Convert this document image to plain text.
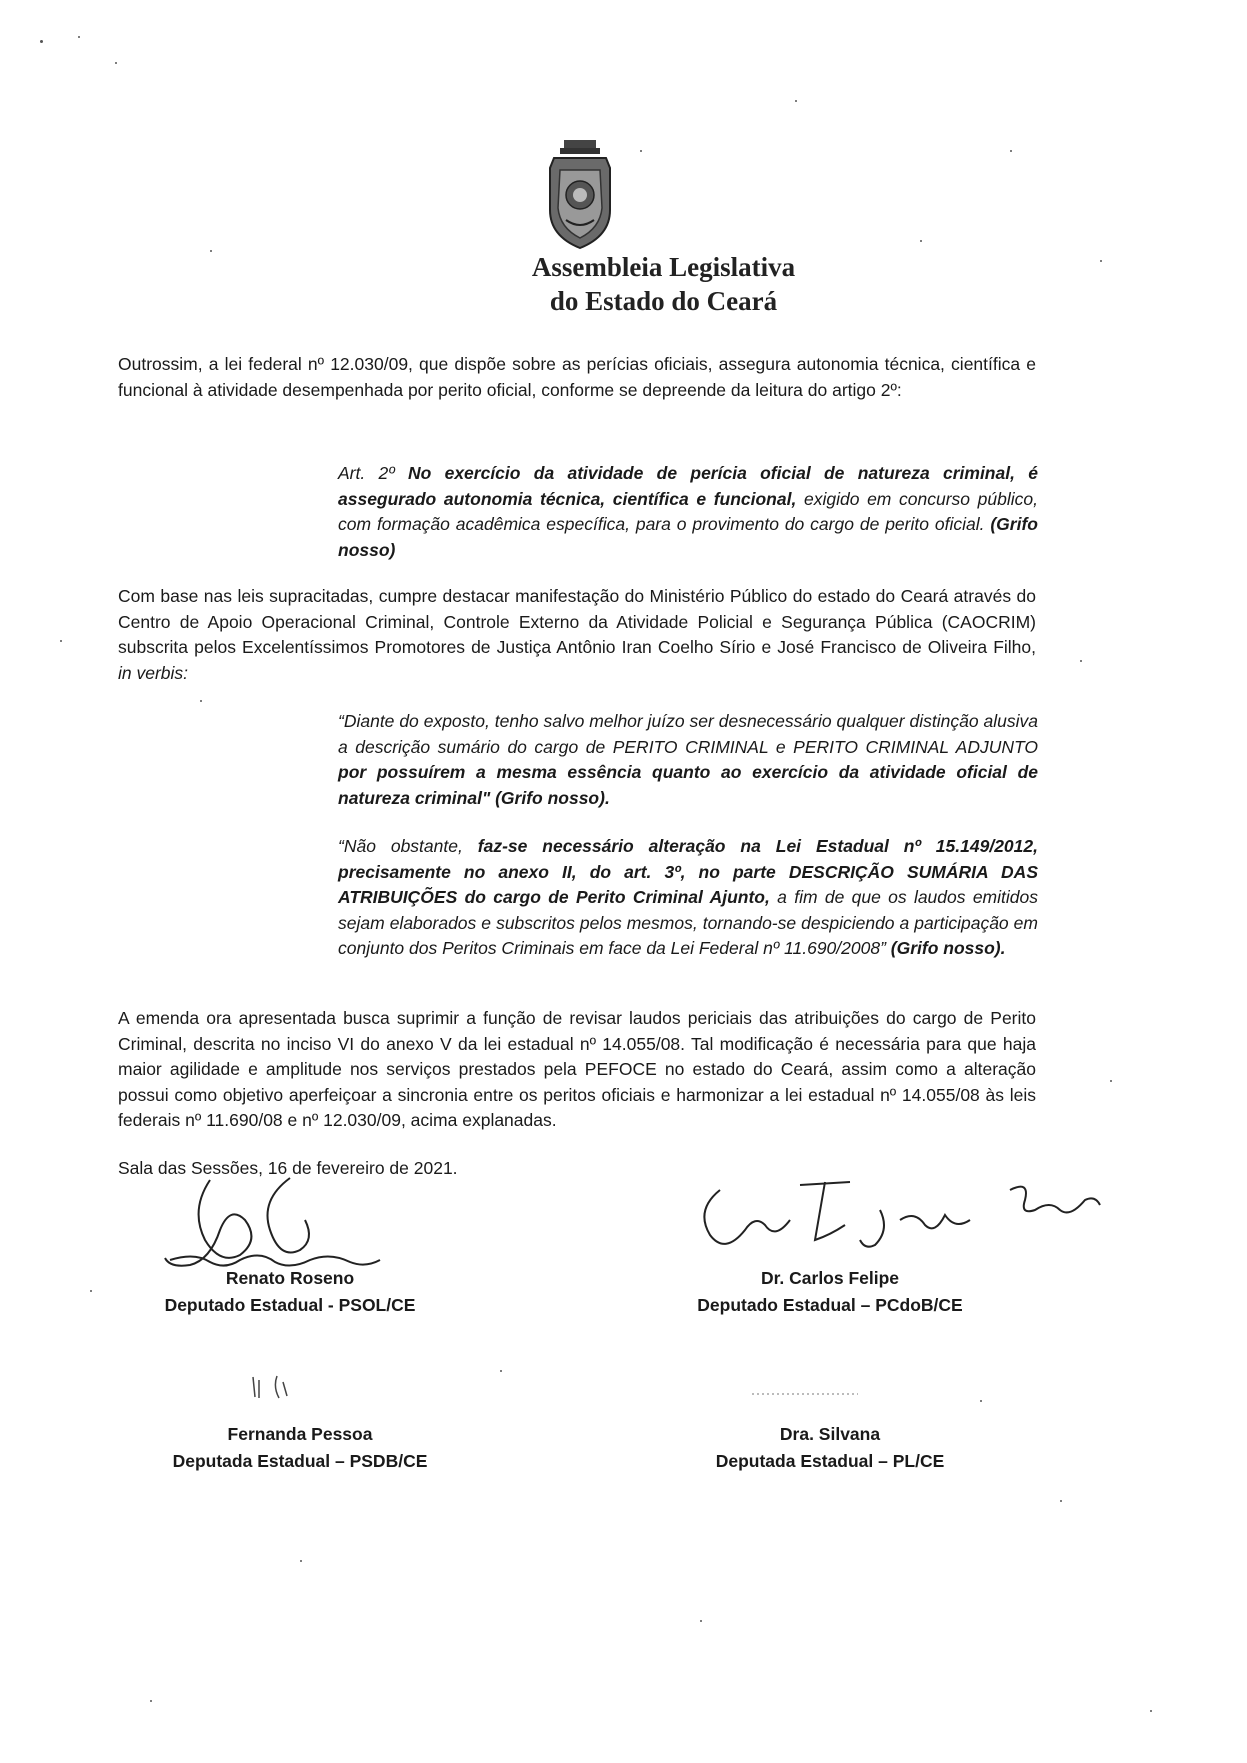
Assembleia Legislativa
do Estado do Ceará
Outrossim, a lei federal nº 12.030/09, que dispõe sobre as perícias oficiais, assegura autonomia técnica, científica e funcional à atividade desempenhada por perito oficial, conforme se depreende da leitura do artigo 2º:
Art. 2º No exercício da atividade de perícia oficial de natureza criminal, é assegurado autonomia técnica, científica e funcional, exigido em concurso público, com formação acadêmica específica, para o provimento do cargo de perito oficial. (Grifo nosso)
Com base nas leis supracitadas, cumpre destacar manifestação do Ministério Público do estado do Ceará através do Centro de Apoio Operacional Criminal, Controle Externo da Atividade Policial e Segurança Pública (CAOCRIM) subscrita pelos Excelentíssimos Promotores de Justiça Antônio Iran Coelho Sírio e José Francisco de Oliveira Filho, in verbis:
“Diante do exposto, tenho salvo melhor juízo ser desnecessário qualquer distinção alusiva a descrição sumário do cargo de PERITO CRIMINAL e PERITO CRIMINAL ADJUNTO por possuírem a mesma essência quanto ao exercício da atividade oficial de natureza criminal" (Grifo nosso).
“Não obstante, faz-se necessário alteração na Lei Estadual nº 15.149/2012, precisamente no anexo II, do art. 3º, no parte DESCRIÇÃO SUMÁRIA DAS ATRIBUIÇÕES do cargo de Perito Criminal Ajunto, a fim de que os laudos emitidos sejam elaborados e subscritos pelos mesmos, tornando-se despiciendo a participação em conjunto dos Peritos Criminais em face da Lei Federal nº 11.690/2008” (Grifo nosso).
A emenda ora apresentada busca suprimir a função de revisar laudos periciais das atribuições do cargo de Perito Criminal, descrita no inciso VI do anexo V da lei estadual nº 14.055/08. Tal modificação é necessária para que haja maior agilidade e amplitude nos serviços prestados pela PEFOCE no estado do Ceará, assim como a alteração possui como objetivo aperfeiçoar a sincronia entre os peritos oficiais e harmonizar a lei estadual nº 14.055/08 às leis federais nº 11.690/08 e nº 12.030/09, acima explanadas.
Sala das Sessões, 16 de fevereiro de 2021.
Renato Roseno
Deputado Estadual - PSOL/CE
Dr. Carlos Felipe
Deputado Estadual – PCdoB/CE
Fernanda Pessoa
Deputada Estadual – PSDB/CE
Dra. Silvana
Deputada Estadual – PL/CE
